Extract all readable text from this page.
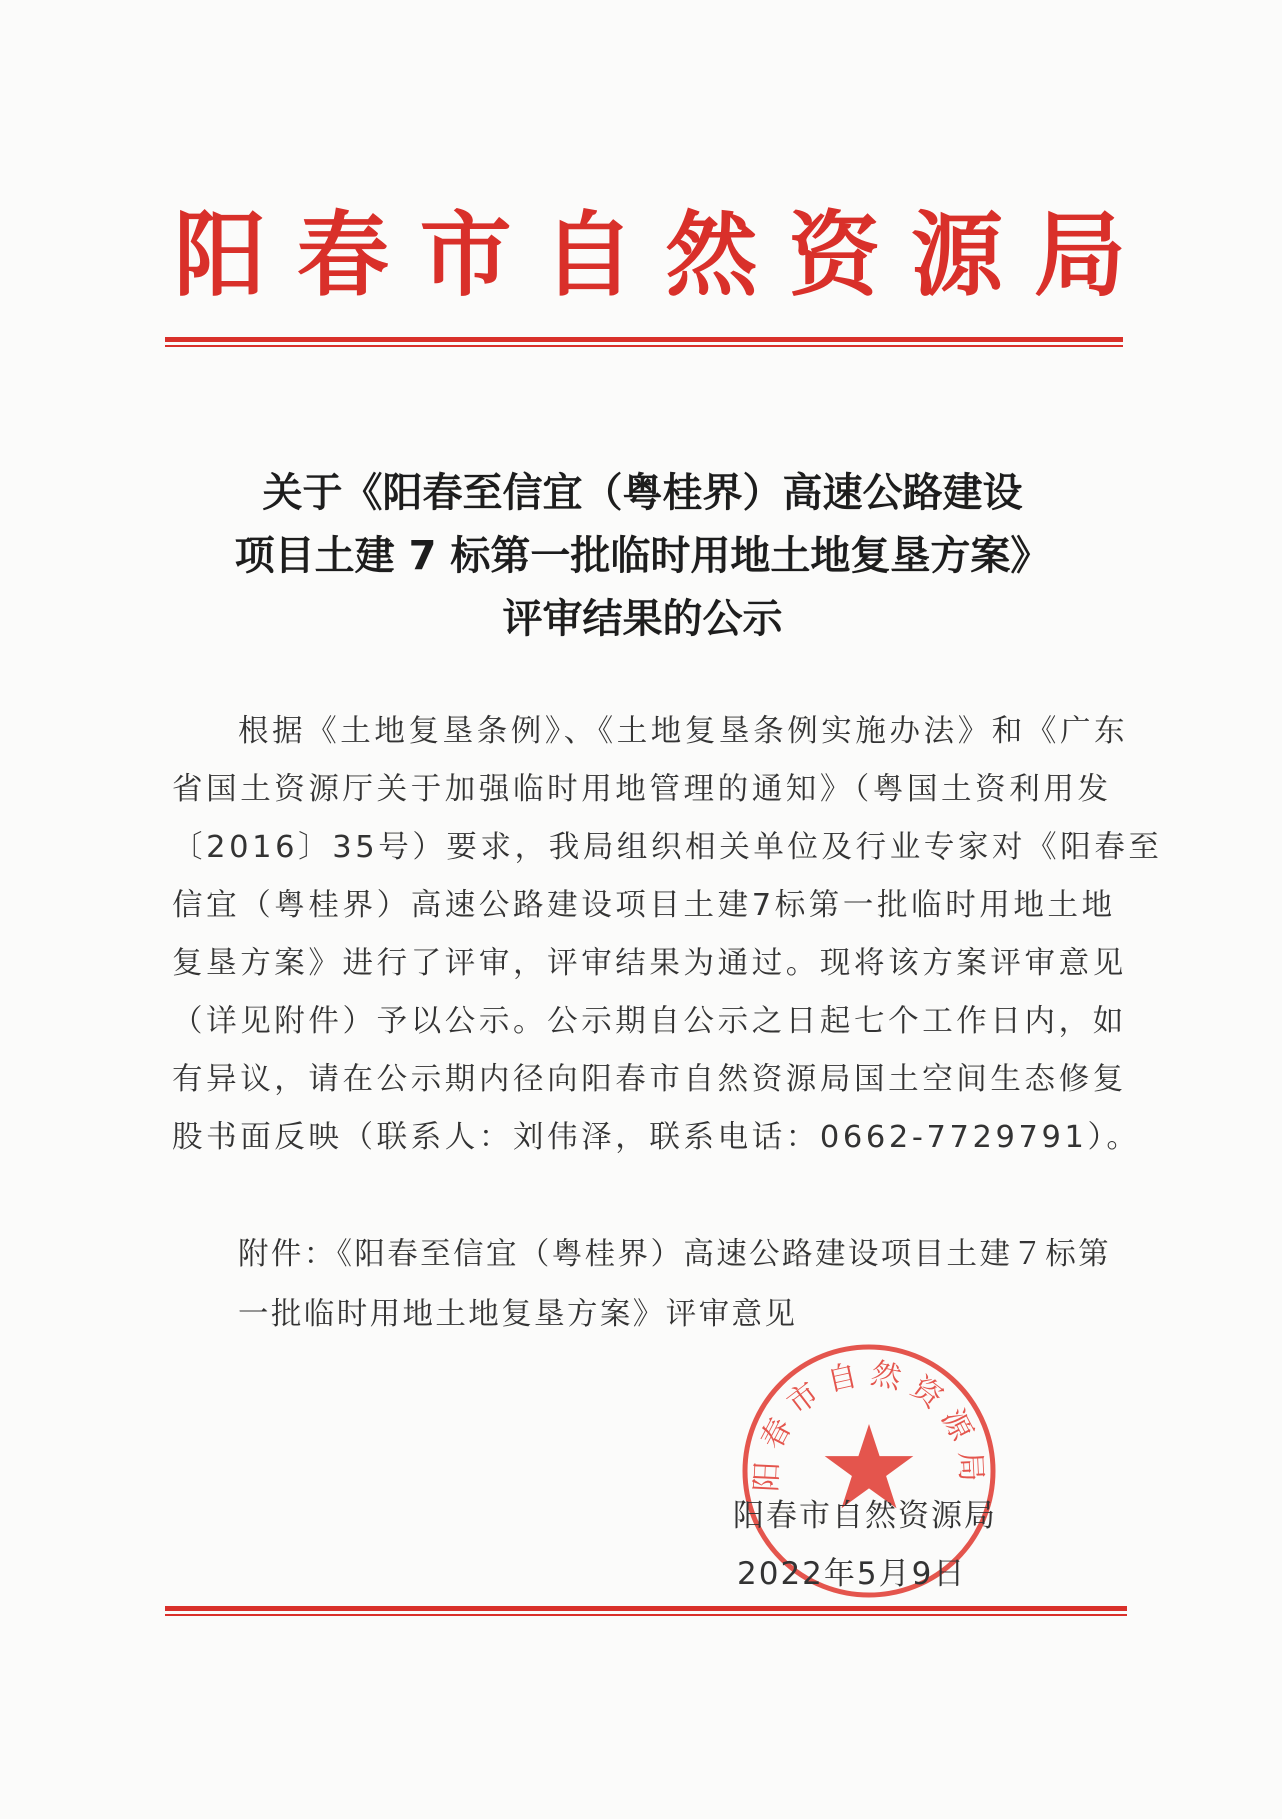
阳 春 市 自 然 资 源 局
关于《阳春至信宜（粤桂界）高速公路建设
项目土建 7 标第一批临时用地土地复垦方案》
评审结果的公示
根据《土地复垦条例》、《土地复垦条例实施办法》和《广东
省国土资源厅关于加强临时用地管理的通知》（粤国土资利用发
〔2016〕35号）要求，我局组织相关单位及行业专家对《阳春至
信宜（粤桂界）高速公路建设项目土建7标第一批临时用地土地
复垦方案》进行了评审，评审结果为通过。现将该方案评审意见
（详见附件）予以公示。公示期自公示之日起七个工作日内，如
有异议，请在公示期内径向阳春市自然资源局国土空间生态修复
股书面反映（联系人：刘伟泽，联系电话：0662-7729791）。
附件：《阳春至信宜（粤桂界）高速公路建设项目土建７标第
一批临时用地土地复垦方案》评审意见
阳春市自然资源局
阳春市自然资源局
2022年5月9日
